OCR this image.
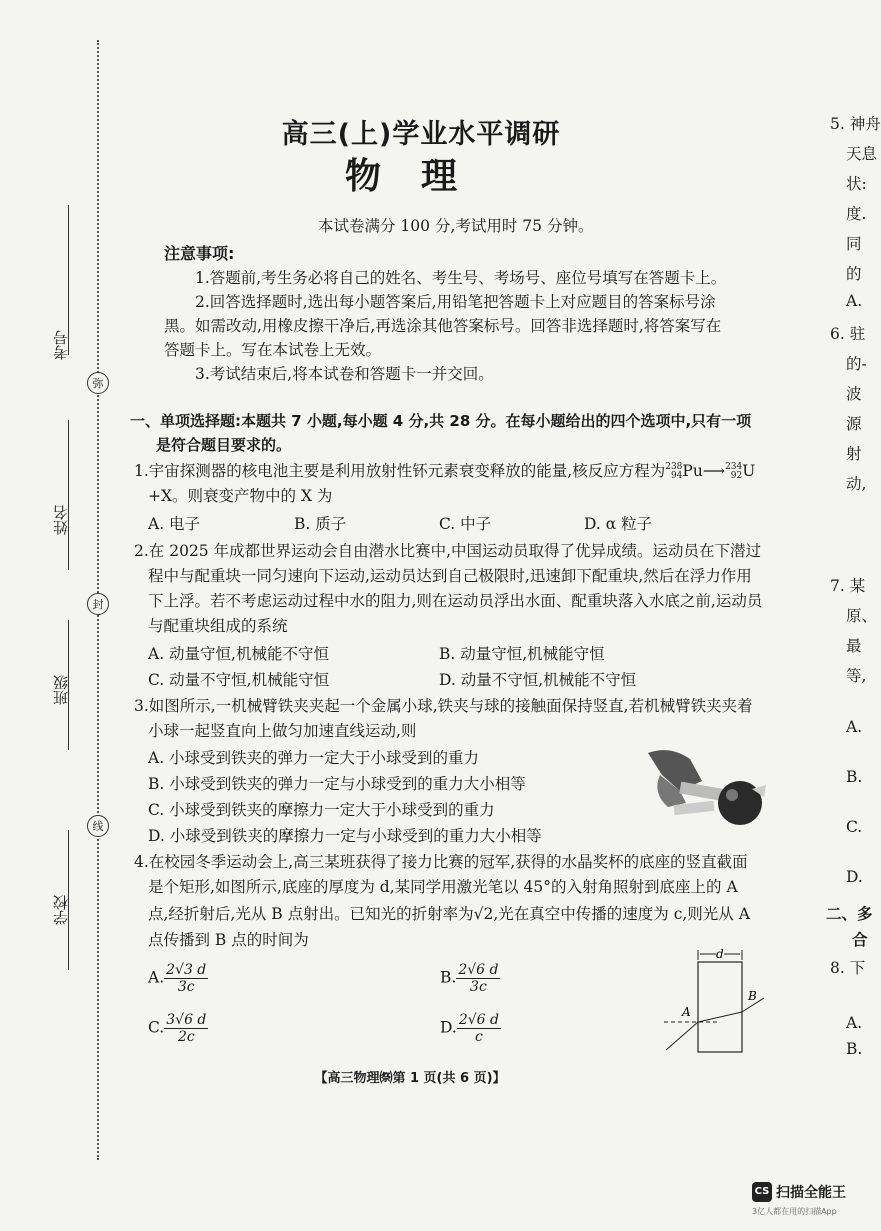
考号
姓名
班级
学校
弥
封
线
高三(上)学业水平调研
物理
本试卷满分 100 分,考试用时 75 分钟。
注意事项:
1.答题前,考生务必将自己的姓名、考生号、考场号、座位号填写在答题卡上。
2.回答选择题时,选出每小题答案后,用铅笔把答题卡上对应题目的答案标号涂
黑。如需改动,用橡皮擦干净后,再选涂其他答案标号。回答非选择题时,将答案写在
答题卡上。写在本试卷上无效。
3.考试结束后,将本试卷和答题卡一并交回。
一、单项选择题:本题共 7 小题,每小题 4 分,共 28 分。在每小题给出的四个选项中,只有一项
是符合题目要求的。
1.宇宙探测器的核电池主要是利用放射性钚元素衰变释放的能量,核反应方程为238
94Pu⟶234
92U
+X。则衰变产物中的 X 为
A. 电子	B. 质子	C. 中子	D. α 粒子
2.在 2025 年成都世界运动会自由潜水比赛中,中国运动员取得了优异成绩。运动员在下潜过
程中与配重块一同匀速向下运动,运动员达到自己极限时,迅速卸下配重块,然后在浮力作用
下上浮。若不考虑运动过程中水的阻力,则在运动员浮出水面、配重块落入水底之前,运动员
与配重块组成的系统
A. 动量守恒,机械能不守恒	B. 动量守恒,机械能守恒
C. 动量不守恒,机械能守恒	D. 动量不守恒,机械能不守恒
3.如图所示,一机械臂铁夹夹起一个金属小球,铁夹与球的接触面保持竖直,若机械臂铁夹夹着
小球一起竖直向上做匀加速直线运动,则
A. 小球受到铁夹的弹力一定大于小球受到的重力
B. 小球受到铁夹的弹力一定与小球受到的重力大小相等
C. 小球受到铁夹的摩擦力一定大于小球受到的重力
D. 小球受到铁夹的摩擦力一定与小球受到的重力大小相等
4.在校园冬季运动会上,高三某班获得了接力比赛的冠军,获得的水晶奖杯的底座的竖直截面
是个矩形,如图所示,底座的厚度为 d,某同学用激光笔以 45°的入射角照射到底座上的 A
点,经折射后,光从 B 点射出。已知光的折射率为√2,光在真空中传播的速度为 c,则光从 A
点传播到 B 点的时间为
A. $\frac{2√3 d}{3c}$	B. $\frac{2√6 d}{3c}$
C. $\frac{3√6 d}{2c}$	D. $\frac{2√6 d}{c}$
d
A
B
【高三物理㉀第 1 页(共 6 页)】
5. 神舟
天息
状:
度.
同
的
A.
6. 驻
的-
波
源
射
动,
7. 某
原、
最
等,
A.
B.
C.
D.
二、多
合
8. 下
A.
B.
CS 扫描全能王
3亿人都在用的扫描App
